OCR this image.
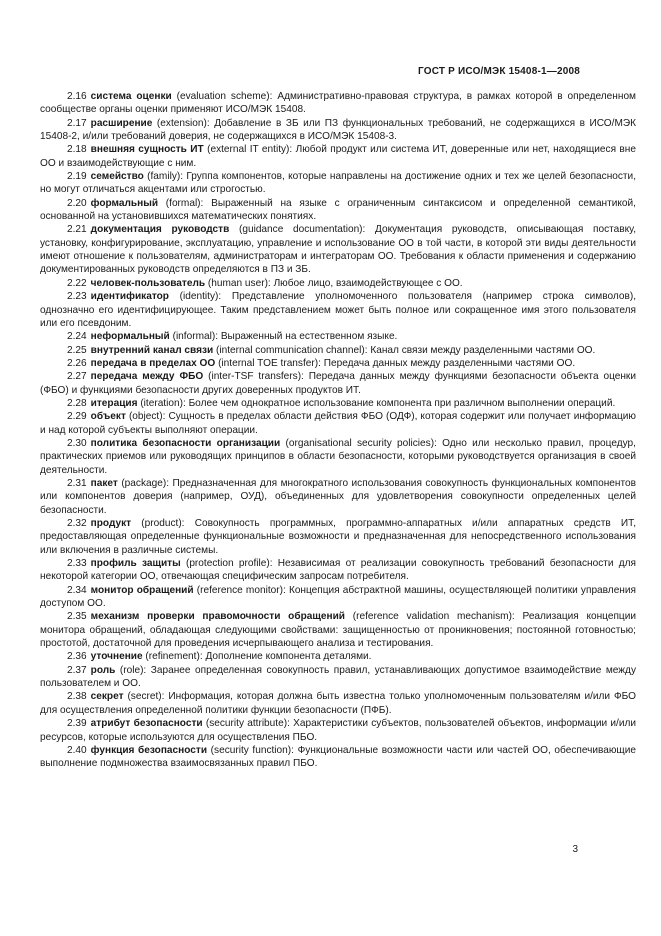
ГОСТ Р ИСО/МЭК 15408-1—2008

2.16 система оценки (evaluation scheme): Административно-правовая структура, в рамках которой в определенном сообществе органы оценки применяют ИСО/МЭК 15408.

2.17 расширение (extension): Добавление в ЗБ или ПЗ функциональных требований, не содержащихся в ИСО/МЭК 15408-2, и/или требований доверия, не содержащихся в ИСО/МЭК 15408-3.

2.18 внешняя сущность ИТ (external IT entity): Любой продукт или система ИТ, доверенные или нет, находящиеся вне ОО и взаимодействующие с ним.

2.19 семейство (family): Группа компонентов, которые направлены на достижение одних и тех же целей безопасности, но могут отличаться акцентами или строгостью.

2.20 формальный (formal): Выраженный на языке с ограниченным синтаксисом и определенной семантикой, основанной на установившихся математических понятиях.

2.21 документация руководств (guidance documentation): Документация руководств, описывающая поставку, установку, конфигурирование, эксплуатацию, управление и использование ОО в той части, в которой эти виды деятельности имеют отношение к пользователям, администраторам и интеграторам ОО. Требования к области применения и содержанию документированных руководств определяются в ПЗ и ЗБ.

2.22 человек-пользователь (human user): Любое лицо, взаимодействующее с ОО.

2.23 идентификатор (identity): Представление уполномоченного пользователя (например строка символов), однозначно его идентифицирующее. Таким представлением может быть полное или сокращенное имя этого пользователя или его псевдоним.

2.24 неформальный (informal): Выраженный на естественном языке.

2.25 внутренний канал связи (internal communication channel): Канал связи между разделенными частями ОО.

2.26 передача в пределах ОО (internal TOE transfer): Передача данных между разделенными частями ОО.

2.27 передача между ФБО (inter-TSF transfers): Передача данных между функциями безопасности объекта оценки (ФБО) и функциями безопасности других доверенных продуктов ИТ.

2.28 итерация (iteration): Более чем однократное использование компонента при различном выполнении операций.

2.29 объект (object): Сущность в пределах области действия ФБО (ОДФ), которая содержит или получает информацию и над которой субъекты выполняют операции.

2.30 политика безопасности организации (organisational security policies): Одно или несколько правил, процедур, практических приемов или руководящих принципов в области безопасности, которыми руководствуется организация в своей деятельности.

2.31 пакет (package): Предназначенная для многократного использования совокупность функциональных компонентов или компонентов доверия (например, ОУД), объединенных для удовлетворения совокупности определенных целей безопасности.

2.32 продукт (product): Совокупность программных, программно-аппаратных и/или аппаратных средств ИТ, предоставляющая определенные функциональные возможности и предназначенная для непосредственного использования или включения в различные системы.

2.33 профиль защиты (protection profile): Независимая от реализации совокупность требований безопасности для некоторой категории ОО, отвечающая специфическим запросам потребителя.

2.34 монитор обращений (reference monitor): Концепция абстрактной машины, осуществляющей политики управления доступом ОО.

2.35 механизм проверки правомочности обращений (reference validation mechanism): Реализация концепции монитора обращений, обладающая следующими свойствами: защищенностью от проникновения; постоянной готовностью; простотой, достаточной для проведения исчерпывающего анализа и тестирования.

2.36 уточнение (refinement): Дополнение компонента деталями.

2.37 роль (role): Заранее определенная совокупность правил, устанавливающих допустимое взаимодействие между пользователем и ОО.

2.38 секрет (secret): Информация, которая должна быть известна только уполномоченным пользователям и/или ФБО для осуществления определенной политики функции безопасности (ПФБ).

2.39 атрибут безопасности (security attribute): Характеристики субъектов, пользователей объектов, информации и/или ресурсов, которые используются для осуществления ПБО.

2.40 функция безопасности (security function): Функциональные возможности части или частей ОО, обеспечивающие выполнение подмножества взаимосвязанных правил ПБО.

3
